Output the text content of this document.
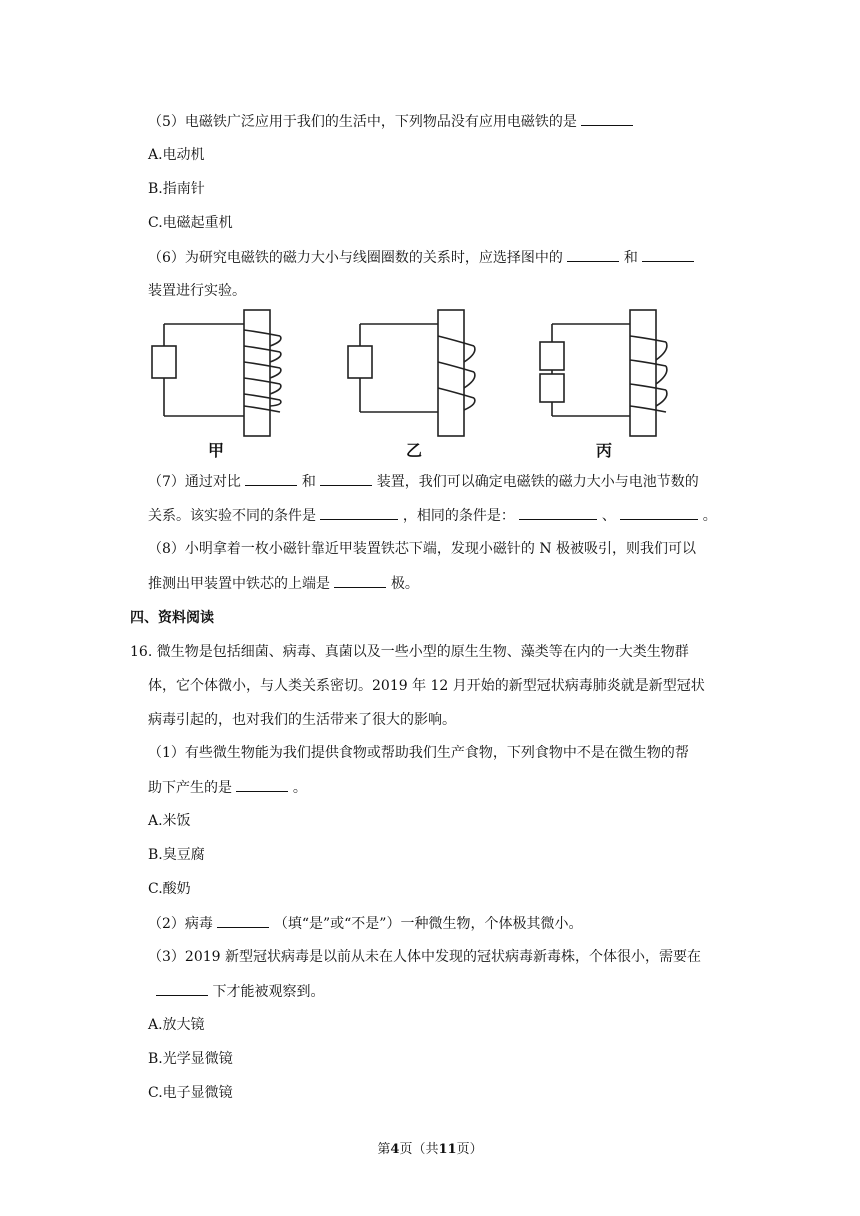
（5）电磁铁广泛应用于我们的生活中，下列物品没有应用电磁铁的是
A.电动机
B.指南针
C.电磁起重机
（6）为研究电磁铁的磁力大小与线圈圈数的关系时，应选择图中的	和
装置进行实验。
甲	乙	丙
（7）通过对比	和	装置，我们可以确定电磁铁的磁力大小与电池节数的
关系。该实验不同的条件是	，相同的条件是：	、	。
（8）小明拿着一枚小磁针靠近甲装置铁芯下端，发现小磁针的 N 极被吸引，则我们可以
推测出甲装置中铁芯的上端是	极。
四、资料阅读
16. 微生物是包括细菌、病毒、真菌以及一些小型的原生生物、藻类等在内的一大类生物群
体，它个体微小，与人类关系密切。2019 年 12 月开始的新型冠状病毒肺炎就是新型冠状
病毒引起的，也对我们的生活带来了很大的影响。
（1）有些微生物能为我们提供食物或帮助我们生产食物，下列食物中不是在微生物的帮
助下产生的是	。
A.米饭
B.臭豆腐
C.酸奶
（2）病毒	（填“是”或“不是”）一种微生物，个体极其微小。
（3）2019 新型冠状病毒是以前从未在人体中发现的冠状病毒新毒株，个体很小，需要在
下才能被观察到。
A.放大镜
B.光学显微镜
C.电子显微镜
第4页（共11页）
